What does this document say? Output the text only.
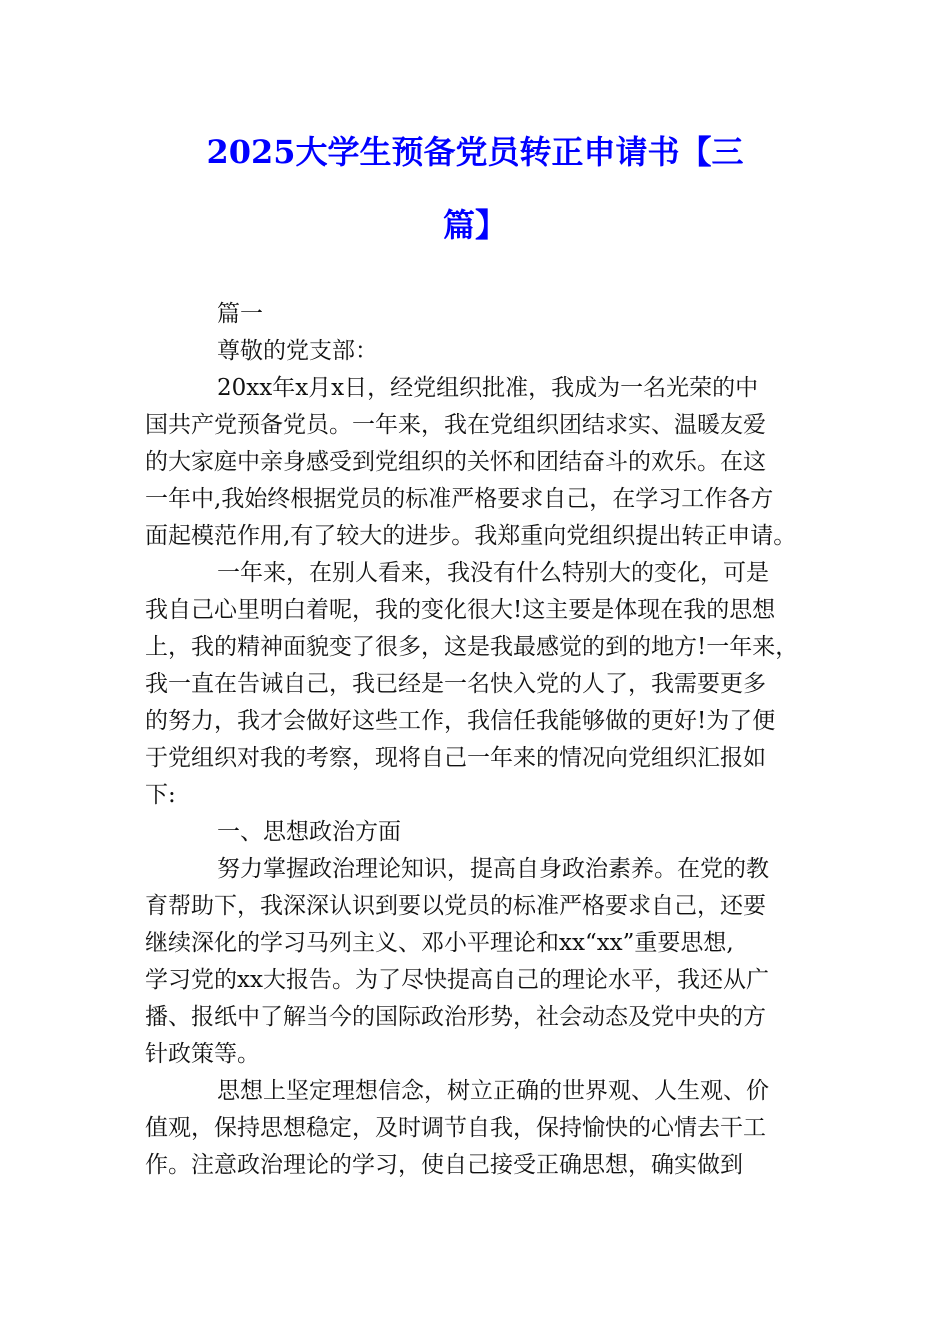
2025大学生预备党员转正申请书【三
篇】
篇一
尊敬的党支部：
20xx年x月x日，经党组织批准，我成为一名光荣的中
国共产党预备党员。一年来，我在党组织团结求实、温暖友爱
的大家庭中亲身感受到党组织的关怀和团结奋斗的欢乐。在这
一年中,我始终根据党员的标准严格要求自己，在学习工作各方
面起模范作用,有了较大的进步。我郑重向党组织提出转正申请。
一年来，在别人看来，我没有什么特别大的变化，可是
我自己心里明白着呢，我的变化很大!这主要是体现在我的思想
上，我的精神面貌变了很多，这是我最感觉的到的地方!一年来，
我一直在告诫自己，我已经是一名快入党的人了，我需要更多
的努力，我才会做好这些工作，我信任我能够做的更好!为了便
于党组织对我的考察，现将自己一年来的情况向党组织汇报如
下:
一、思想政治方面
努力掌握政治理论知识，提高自身政治素养。在党的教
育帮助下，我深深认识到要以党员的标准严格要求自己，还要
继续深化的学习马列主义、邓小平理论和xx“xx”重要思想,
学习党的xx大报告。为了尽快提高自己的理论水平，我还从广
播、报纸中了解当今的国际政治形势，社会动态及党中央的方
针政策等。
思想上坚定理想信念，树立正确的世界观、人生观、价
值观，保持思想稳定，及时调节自我，保持愉快的心情去干工
作。注意政治理论的学习，使自己接受正确思想，确实做到
